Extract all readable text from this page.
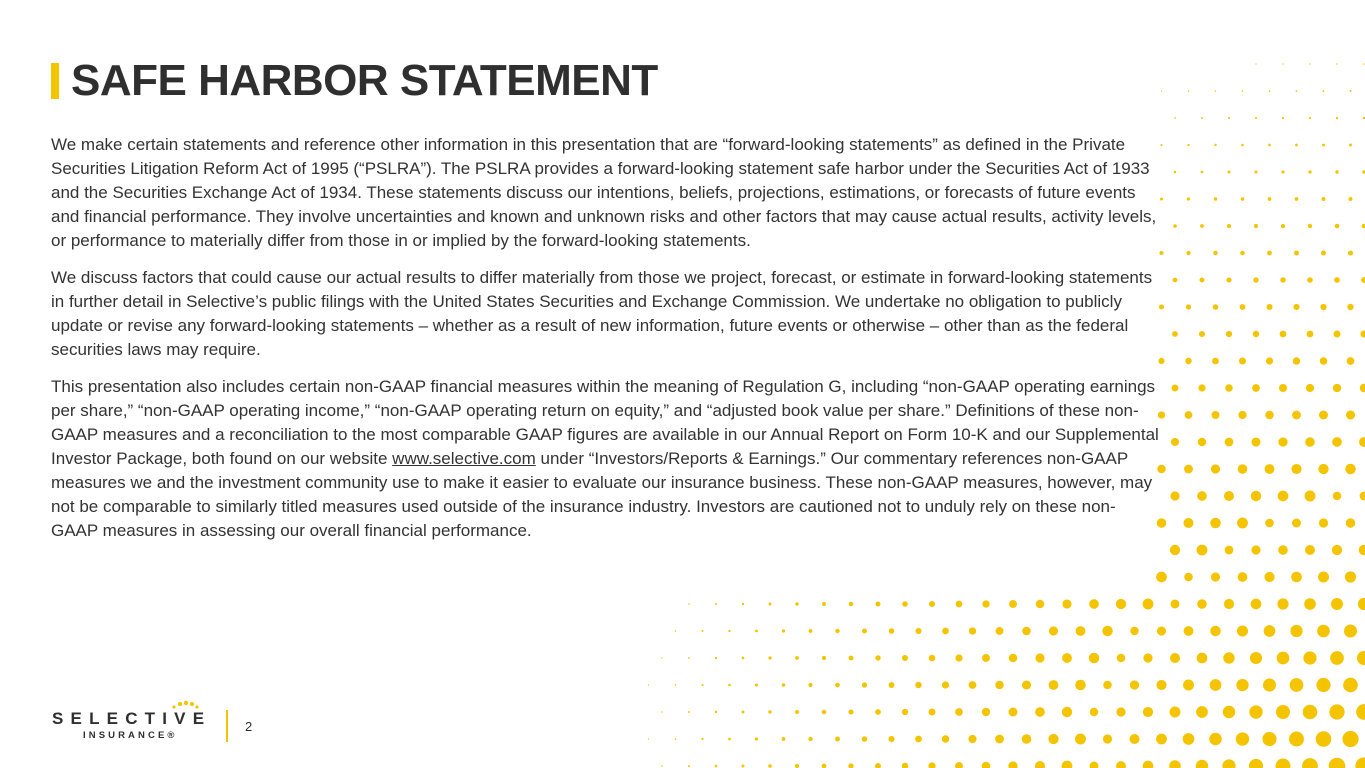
SAFE HARBOR STATEMENT

We make certain statements and reference other information in this presentation that are “forward-looking statements” as defined in the Private Securities Litigation Reform Act of 1995 (“PSLRA”). The PSLRA provides a forward-looking statement safe harbor under the Securities Act of 1933 and the Securities Exchange Act of 1934. These statements discuss our intentions, beliefs, projections, estimations, or forecasts of future events and financial performance. They involve uncertainties and known and unknown risks and other factors that may cause actual results, activity levels, or performance to materially differ from those in or implied by the forward-looking statements.

We discuss factors that could cause our actual results to differ materially from those we project, forecast, or estimate in forward-looking statements in further detail in Selective’s public filings with the United States Securities and Exchange Commission. We undertake no obligation to publicly update or revise any forward-looking statements – whether as a result of new information, future events or otherwise – other than as the federal securities laws may require.

This presentation also includes certain non-GAAP financial measures within the meaning of Regulation G, including “non-GAAP operating earnings per share,” “non-GAAP operating income,” “non-GAAP operating return on equity,” and “adjusted book value per share.” Definitions of these non-GAAP measures and a reconciliation to the most comparable GAAP figures are available in our Annual Report on Form 10-K and our Supplemental Investor Package, both found on our website www.selective.com under “Investors/Reports & Earnings.” Our commentary references non-GAAP measures we and the investment community use to make it easier to evaluate our insurance business. These non-GAAP measures, however, may not be comparable to similarly titled measures used outside of the insurance industry. Investors are cautioned not to unduly rely on these non-GAAP measures in assessing our overall financial performance.

SELECTIVE
INSURANCE®
2
